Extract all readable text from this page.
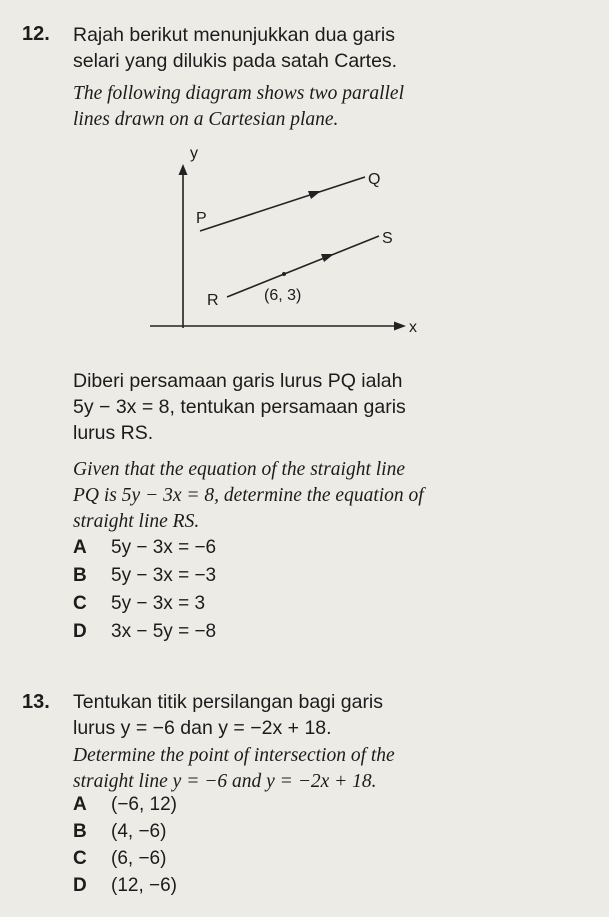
12. Rajah berikut menunjukkan dua garis
selari yang dilukis pada satah Cartes.
The following diagram shows two parallel
lines drawn on a Cartesian plane.
y
x
P
Q
R
S
(6, 3)
Diberi persamaan garis lurus PQ ialah
5y − 3x = 8, tentukan persamaan garis
lurus RS.
Given that the equation of the straight line
PQ is 5y − 3x = 8, determine the equation of
straight line RS.
A 5y − 3x = −6
B 5y − 3x = −3
C 5y − 3x = 3
D 3x − 5y = −8
13. Tentukan titik persilangan bagi garis
lurus y = −6 dan y = −2x + 18.
Determine the point of intersection of the
straight line y = −6 and y = −2x + 18.
A (−6, 12)
B (4, −6)
C (6, −6)
D (12, −6)
